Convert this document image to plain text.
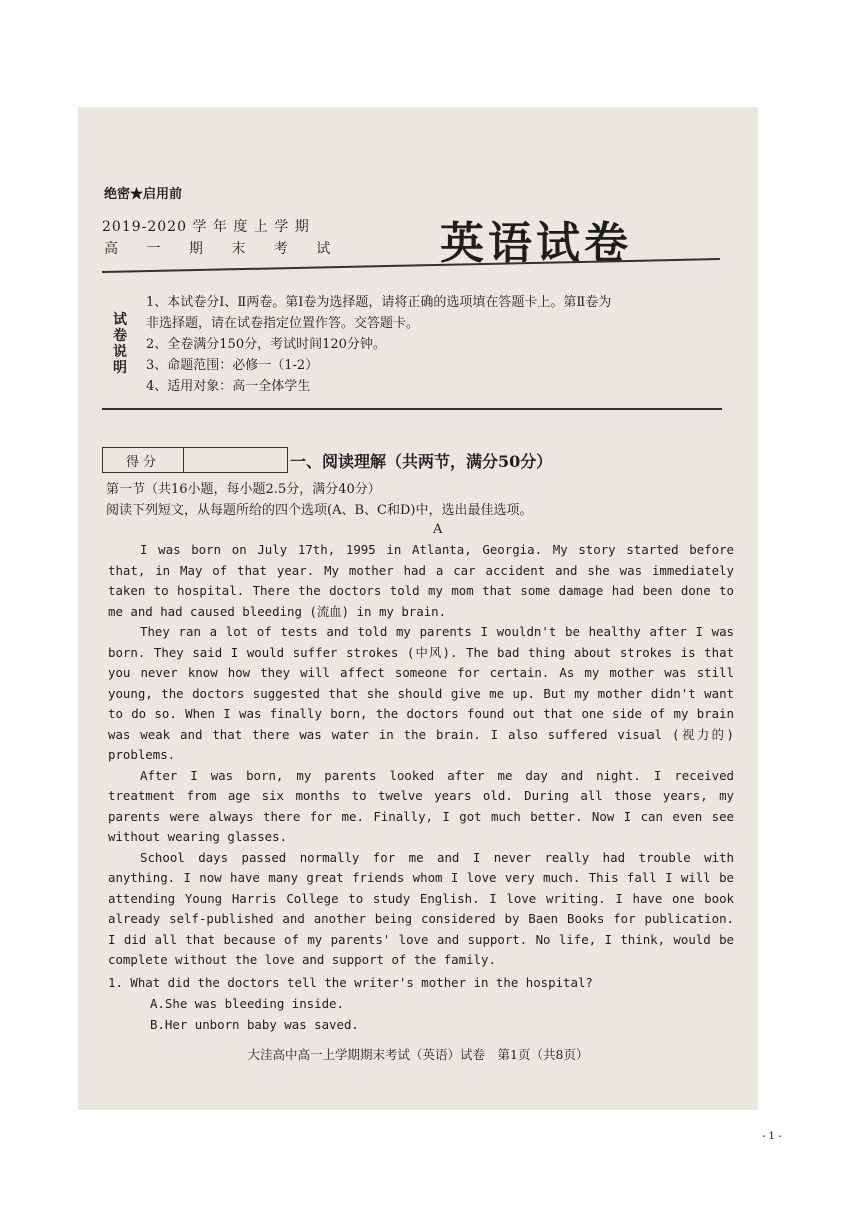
绝密★启用前
2019-2020 学 年 度 上 学 期
高 一 期 末 考 试 英语试卷
试卷说明
1、本试卷分Ⅰ、Ⅱ两卷。第Ⅰ卷为选择题，请将正确的选项填在答题卡上。第Ⅱ卷为
非选择题，请在试卷指定位置作答。交答题卡。
2、全卷满分150分，考试时间120分钟。
3、命题范围：必修一（1-2）
4、适用对象：高一全体学生
得分	一、阅读理解（共两节，满分50分）
第一节（共16小题，每小题2.5分，满分40分）
阅读下列短文，从每题所给的四个选项(A、B、C和D)中，选出最佳选项。
A

I was born on July 17th, 1995 in Atlanta, Georgia. My story started before that, in May of that year. My mother had a car accident and she was immediately taken to hospital. There the doctors told my mom that some damage had been done to me and had caused bleeding (流血) in my brain.

They ran a lot of tests and told my parents I wouldn't be healthy after I was born. They said I would suffer strokes (中风). The bad thing about strokes is that you never know how they will affect someone for certain. As my mother was still young, the doctors suggested that she should give me up. But my mother didn't want to do so. When I was finally born, the doctors found out that one side of my brain was weak and that there was water in the brain. I also suffered visual (视力的) problems.

After I was born, my parents looked after me day and night. I received treatment from age six months to twelve years old. During all those years, my parents were always there for me. Finally, I got much better. Now I can even see without wearing glasses.

School days passed normally for me and I never really had trouble with anything. I now have many great friends whom I love very much. This fall I will be attending Young Harris College to study English. I love writing. I have one book already self-published and another being considered by Baen Books for publication. I did all that because of my parents' love and support. No life, I think, would be complete without the love and support of the family.

1. What did the doctors tell the writer's mother in the hospital?
A.She was bleeding inside.
B.Her unborn baby was saved.
大洼高中高一上学期期末考试（英语）试卷　第1页（共8页）
- 1 -
